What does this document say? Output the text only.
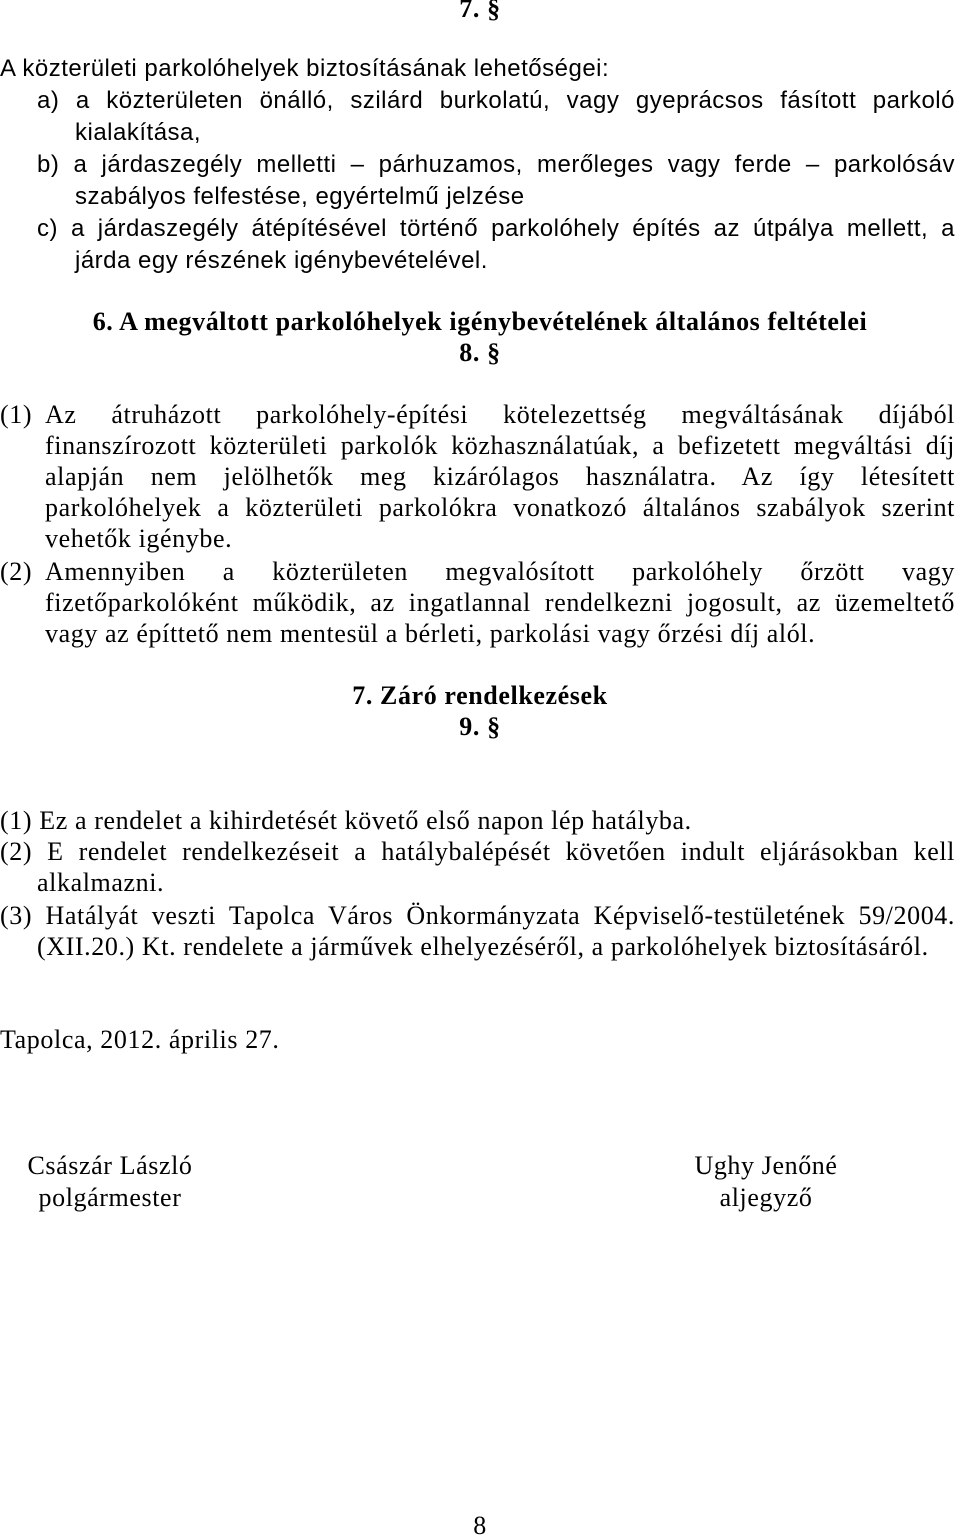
7. §
A közterületi parkolóhelyek biztosításának lehetőségei:
a) a közterületen önálló, szilárd burkolatú, vagy gyeprácsos fásított parkoló
kialakítása,
b) a járdaszegély melletti – párhuzamos, merőleges vagy ferde – parkolósáv
szabályos felfestése, egyértelmű jelzése
c) a járdaszegély átépítésével történő parkolóhely építés az útpálya mellett, a
járda egy részének igénybevételével.
6. A megváltott parkolóhelyek igénybevételének általános feltételei
8. §
(1) Az átruházott parkolóhely-építési kötelezettség megváltásának díjából
finanszírozott közterületi parkolók közhasználatúak, a befizetett megváltási díj
alapján nem jelölhetők meg kizárólagos használatra. Az így létesített
parkolóhelyek a közterületi parkolókra vonatkozó általános szabályok szerint
vehetők igénybe.
(2) Amennyiben a közterületen megvalósított parkolóhely őrzött vagy
fizetőparkolóként működik, az ingatlannal rendelkezni jogosult, az üzemeltető
vagy az építtető nem mentesül a bérleti, parkolási vagy őrzési díj alól.
7. Záró rendelkezések
9. §
(1) Ez a rendelet a kihirdetését követő első napon lép hatályba.
(2) E rendelet rendelkezéseit a hatálybalépését követően indult eljárásokban kell
alkalmazni.
(3) Hatályát veszti Tapolca Város Önkormányzata Képviselő-testületének 59/2004.
(XII.20.) Kt. rendelete a járművek elhelyezéséről, a parkolóhelyek biztosításáról.
Tapolca, 2012. április 27.
Császár László
polgármester
Ughy Jenőné
aljegyző
8
